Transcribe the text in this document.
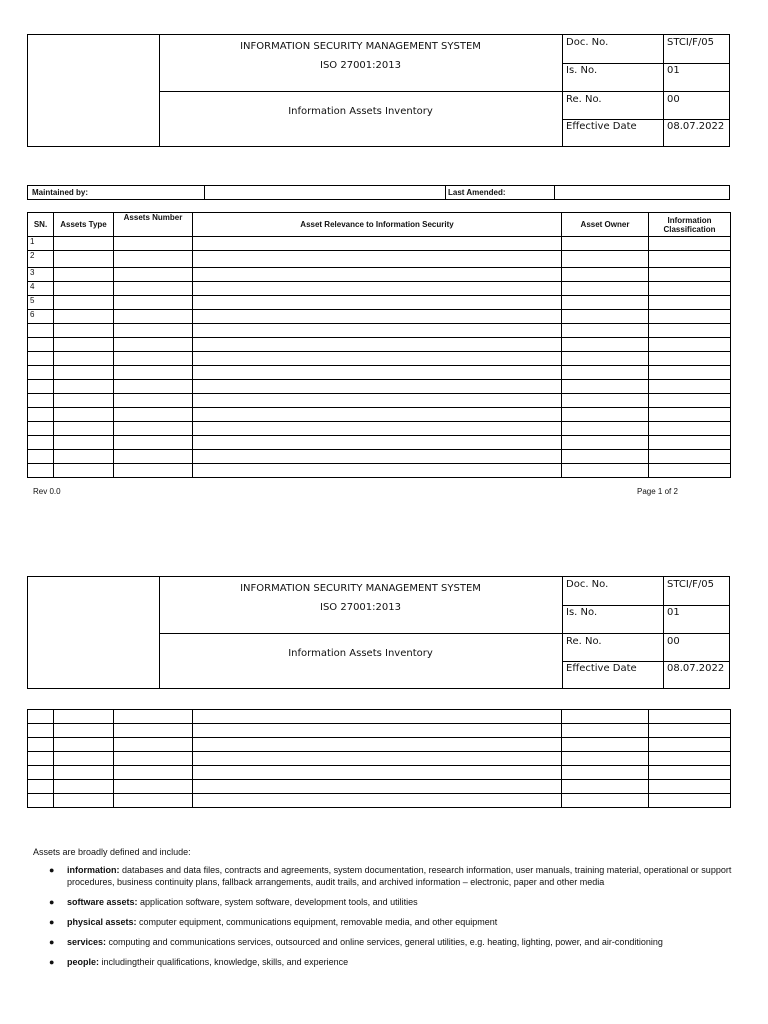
INFORMATION SECURITY MANAGEMENT SYSTEM
ISO 27001:2013
Information Assets Inventory
Doc. No.	STCI/F/05
Is. No.	01
Re. No.	00
Effective Date	08.07.2022
Maintained by:	Last Amended:
SN.	Assets Type	Assets Number	Asset Relevance to Information Security	Asset Owner	Information Classification
1					
2					
3					
4					
5					
6					

Rev 0.0	Page 1 of 2
INFORMATION SECURITY MANAGEMENT SYSTEM
ISO 27001:2013
Information Assets Inventory
Doc. No.	STCI/F/05
Is. No.	01
Re. No.	00
Effective Date	08.07.2022

Assets are broadly defined and include:

● information: databases and data files, contracts and agreements, system documentation, research information, user manuals, training material, operational or support procedures, business continuity plans, fallback arrangements, audit trails, and archived information – electronic, paper and other media
● software assets: application software, system software, development tools, and utilities
● physical assets: computer equipment, communications equipment, removable media, and other equipment
● services: computing and communications services, outsourced and online services, general utilities, e.g. heating, lighting, power, and air-conditioning
● people: includingtheir qualifications, knowledge, skills, and experience
